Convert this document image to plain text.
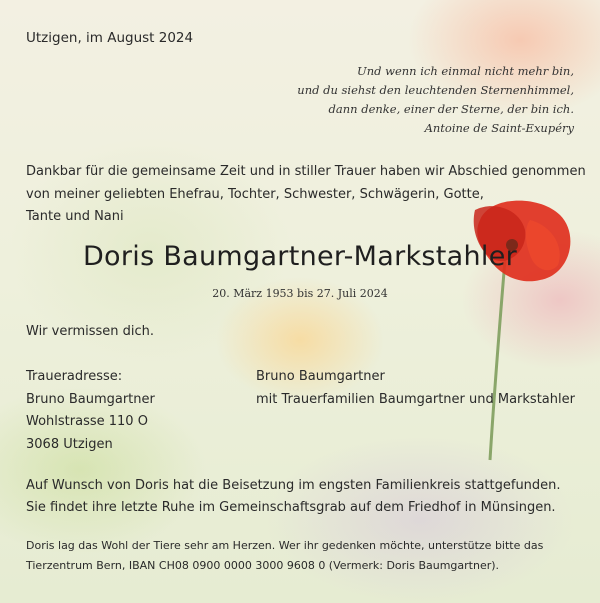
Utzigen, im August 2024
Und wenn ich einmal nicht mehr bin,
und du siehst den leuchtenden Sternenhimmel,
dann denke, einer der Sterne, der bin ich.
Antoine de Saint-Exupéry
Dankbar für die gemeinsame Zeit und in stiller Trauer haben wir Abschied genommen
von meiner geliebten Ehefrau, Tochter, Schwester, Schwägerin, Gotte,
Tante und Nani
Doris Baumgartner-Markstahler
20. März 1953 bis 27. Juli 2024
Wir vermissen dich.
Traueradresse:
Bruno Baumgartner
Wohlstrasse 110 O
3068 Utzigen
Bruno Baumgartner
mit Trauerfamilien Baumgartner und Markstahler
Auf Wunsch von Doris hat die Beisetzung im engsten Familienkreis stattgefunden.
Sie findet ihre letzte Ruhe im Gemeinschaftsgrab auf dem Friedhof in Münsingen.
Doris lag das Wohl der Tiere sehr am Herzen. Wer ihr gedenken möchte, unterstütze bitte das
Tierzentrum Bern, IBAN CH08 0900 0000 3000 9608 0 (Vermerk: Doris Baumgartner).
